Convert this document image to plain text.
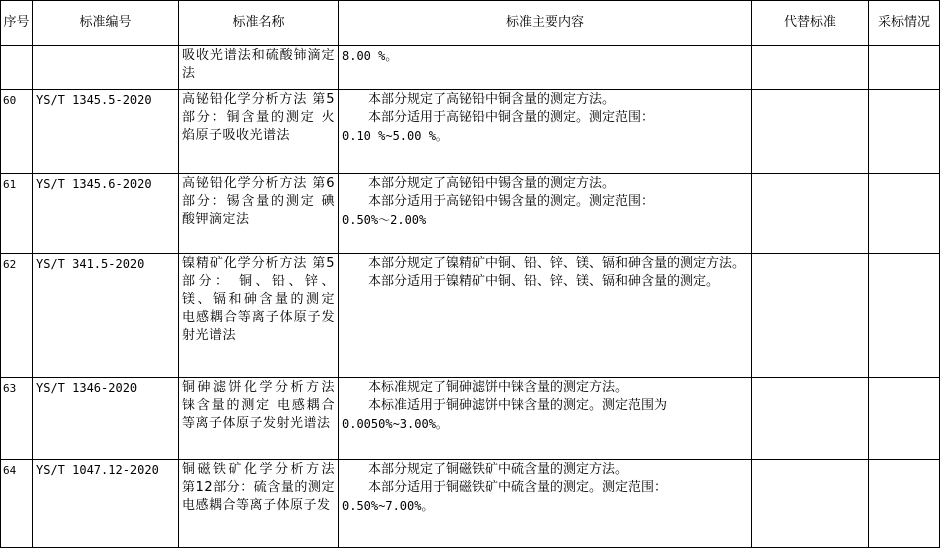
序号	标准编号	标准名称	标准主要内容	代替标准	采标情况
		吸收光谱法和硫酸铈滴定法	8.00 %。		

60	YS/T 1345.5-2020	高铋铅化学分析方法 第5部分：铜含量的测定 火焰原子吸收光谱法	本部分规定了高铋铅中铜含量的测定方法。

本部分适用于高铋铅中铜含量的测定。测定范围：

0.10 %~5.00 %。		

61	YS/T 1345.6-2020	高铋铅化学分析方法 第6部分：锡含量的测定 碘酸钾滴定法	本部分规定了高铋铅中锡含量的测定方法。

本部分适用于高铋铅中锡含量的测定。测定范围：

0.50%～2.00%		

62	YS/T 341.5-2020	镍精矿化学分析方法 第5部分： 铜、铅、锌、镁、镉和砷含量的测定 电感耦合等离子体原子发射光谱法	本部分规定了镍精矿中铜、铅、锌、镁、镉和砷含量的测定方法。

本部分适用于镍精矿中铜、铅、锌、镁、镉和砷含量的测定。		

63	YS/T 1346-2020	铜砷滤饼化学分析方法 铼含量的测定 电感耦合等离子体原子发射光谱法	本标准规定了铜砷滤饼中铼含量的测定方法。

本标准适用于铜砷滤饼中铼含量的测定。测定范围为

0.0050%~3.00%。		

64	YS/T 1047.12-2020	铜磁铁矿化学分析方法 第12部分：硫含量的测定 电感耦合等离子体原子发	本部分规定了铜磁铁矿中硫含量的测定方法。

本部分适用于铜磁铁矿中硫含量的测定。测定范围：

0.50%~7.00%。		
